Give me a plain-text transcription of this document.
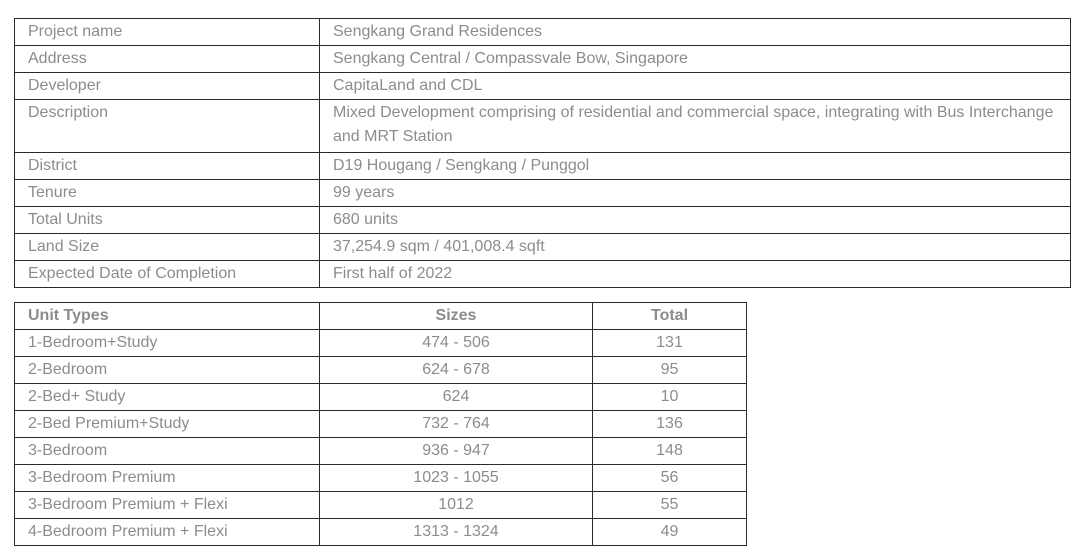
Project name	Sengkang Grand Residences
Address	Sengkang Central / Compassvale Bow, Singapore
Developer	CapitaLand and CDL
Description	Mixed Development comprising of residential and commercial space, integrating with Bus Interchange and MRT Station
District	D19 Hougang / Sengkang / Punggol
Tenure	99 years
Total Units	680 units
Land Size	37,254.9 sqm / 401,008.4 sqft
Expected Date of Completion	First half of 2022
Unit Types	Sizes	Total
1-Bedroom+Study	474 - 506	131
2-Bedroom	624 - 678	95
2-Bed+ Study	624	10
2-Bed Premium+Study	732 - 764	136
3-Bedroom	936 - 947	148
3-Bedroom Premium	1023 - 1055	56
3-Bedroom Premium + Flexi	1012	55
4-Bedroom Premium + Flexi	1313 - 1324	49
